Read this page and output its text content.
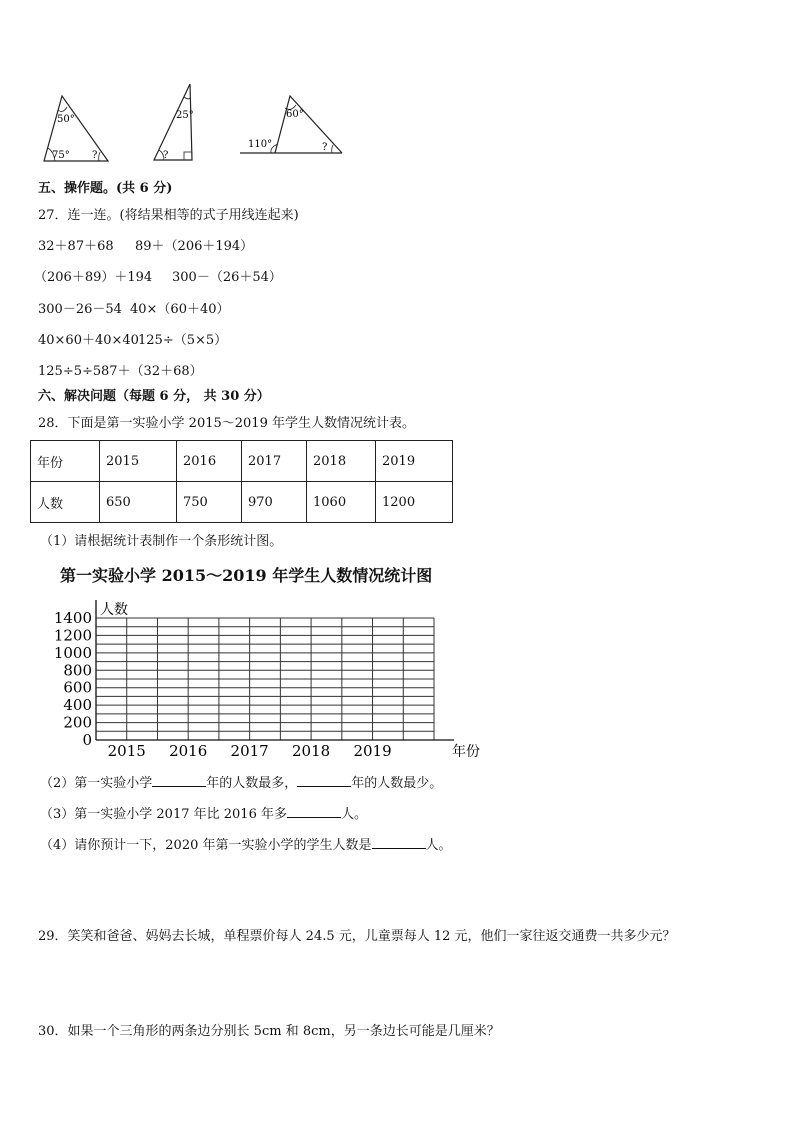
50°
75° ?
25°
?
60°
110°	?
五、操作题。(共 6 分)
27．连一连。(将结果相等的式子用线连起来)
32＋87＋68 89＋（206＋194）
（206＋89）＋194 300－（26＋54）
300－26－54 40×（60＋40）
40×60＋40×40 125÷（5×5）
125÷5÷5 87＋（32＋68）
六、解决问题（每题 6 分， 共 30 分）
28．下面是第一实验小学 2015～2019 年学生人数情况统计表。
年份	2015	2016	2017	2018	2019
人数	650	750	970	1060	1200
（1）请根据统计表制作一个条形统计图。
第一实验小学 2015～2019 年学生人数情况统计图
0
200
400
600
800
1000
1200
1400 人数
2015 2016 2017 2018 2019	年份
（2）第一实验小学	年的人数最多，	年的人数最少。
（3）第一实验小学 2017 年比 2016 年多	人。
（4）请你预计一下，2020 年第一实验小学的学生人数是	人。
29．笑笑和爸爸、妈妈去长城，单程票价每人 24.5 元，儿童票每人 12 元，他们一家往返交通费一共多少元？
30．如果一个三角形的两条边分别长 5cm 和 8cm，另一条边长可能是几厘米？
